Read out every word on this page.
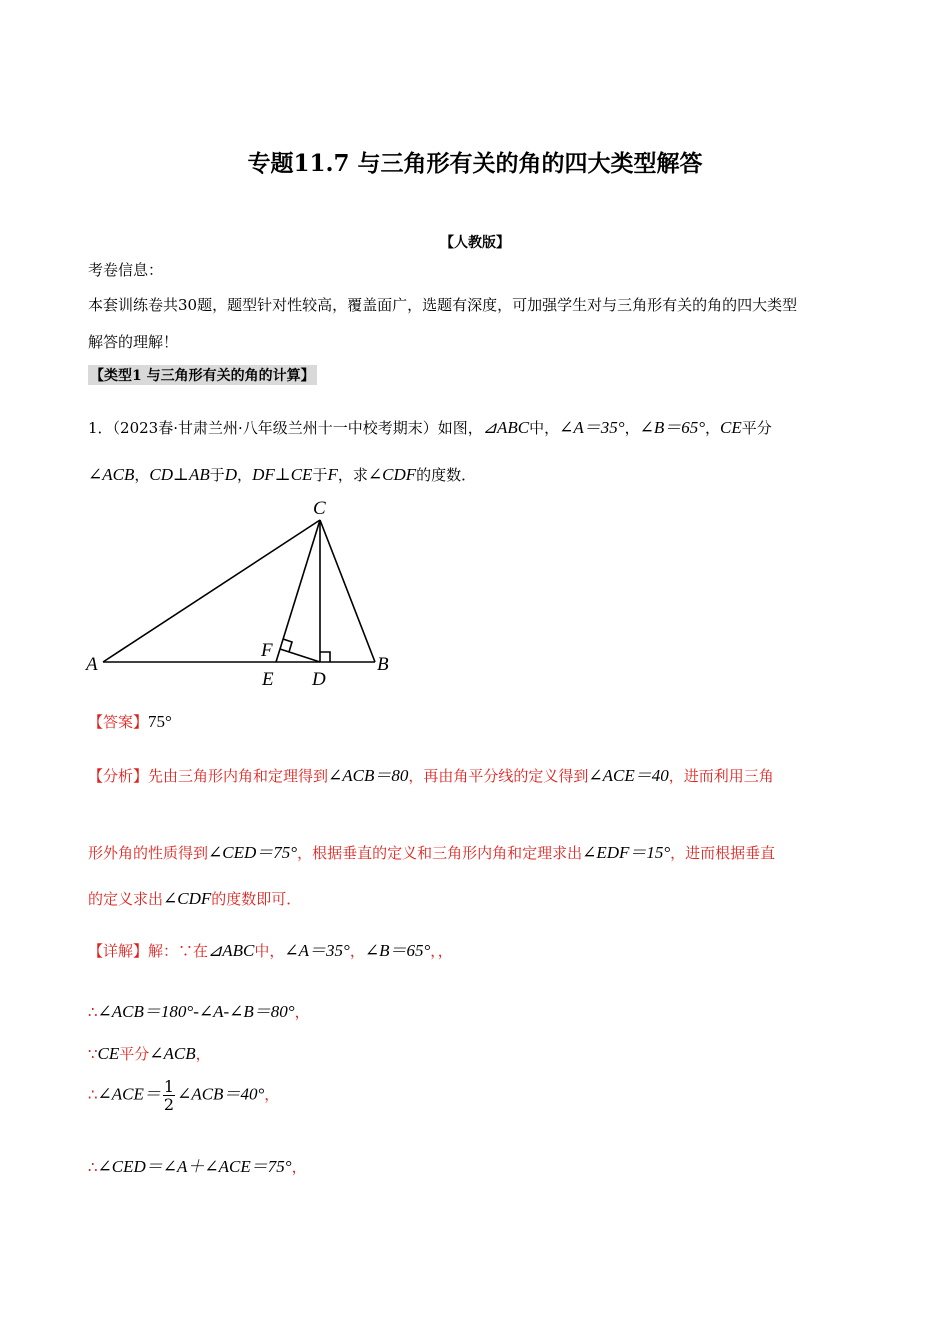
专题11.7 与三角形有关的角的四大类型解答
【人教版】
考卷信息：
本套训练卷共30题，题型针对性较高，覆盖面广，选题有深度，可加强学生对与三角形有关的角的四大类型
解答的理解！
【类型1 与三角形有关的角的计算】
1．（2023春·甘肃兰州·八年级兰州十一中校考期末）如图，⊿ABC中，∠A＝35°，∠B＝65°，CE平分
∠ACB，CD⊥AB于D，DF⊥CE于F，求∠CDF的度数．
A	B
C
D
E
F
【答案】75°
【分析】先由三角形内角和定理得到∠ACB＝80，再由角平分线的定义得到∠ACE＝40，进而利用三角
形外角的性质得到∠CED＝75°，根据垂直的定义和三角形内角和定理求出∠EDF＝15°，进而根据垂直
的定义求出∠CDF的度数即可．
【详解】解：∵在⊿ABC中，∠A＝35°，∠B＝65°，，
∴∠ACB＝180°-∠A-∠B＝80°，
∵CE平分∠ACB，
∴∠ACE＝ $\frac{1}{2}$ ∠ACB＝40°，
∴∠CED＝∠A＋∠ACE＝75°，
